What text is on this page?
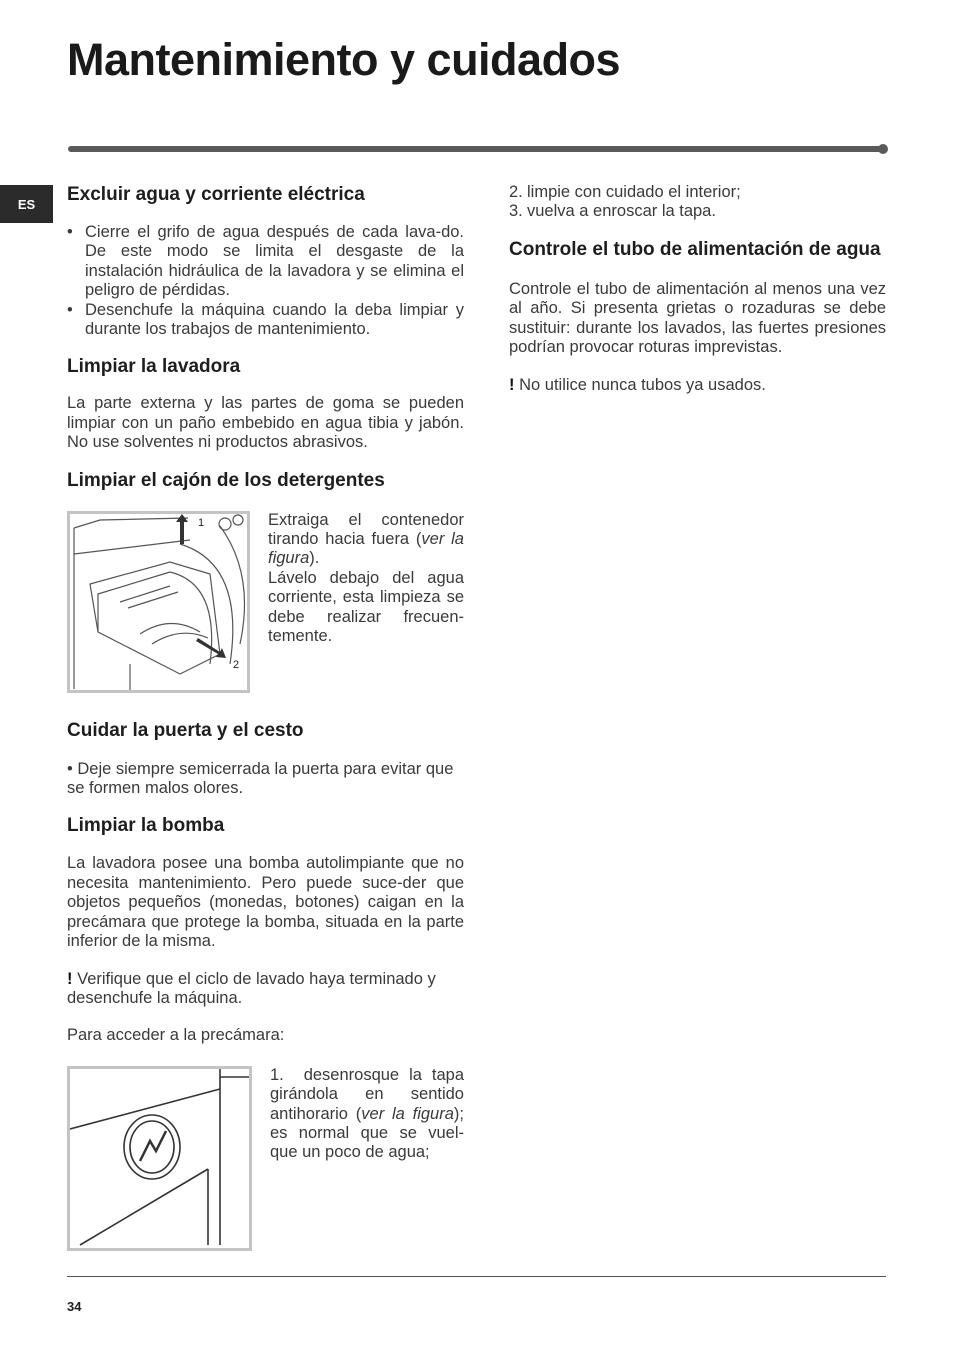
Mantenimiento y cuidados
ES	Excluir agua y corriente eléctrica
• Cierre el grifo de agua después de cada lava-do. De este modo se limita el desgaste de la instalación hidráulica de la lavadora y se elimina el peligro de pérdidas.
• Desenchufe la máquina cuando la deba limpiar y durante los trabajos de mantenimiento.
Limpiar la lavadora

La parte externa y las partes de goma se pueden limpiar con un paño embebido en agua tibia y jabón. No use solventes ni productos abrasivos.

Limpiar el cajón de los detergentes

Extraiga el contenedor tirando hacia fuera (ver la figura).

Lávelo debajo del agua corriente, esta limpieza se debe realizar frecuen-temente.

1
2
Cuidar la puerta y el cesto

• Deje siempre semicerrada la puerta para evitar que se formen malos olores.

Limpiar la bomba

La lavadora posee una bomba autolimpiante que no necesita mantenimiento. Pero puede suce-der que objetos pequeños (monedas, botones) caigan en la precámara que protege la bomba, situada en la parte inferior de la misma.

! Verifique que el ciclo de lavado haya terminado y desenchufe la máquina.

Para acceder a la precámara:

1. desenrosque la tapa girándola en sentido antihorario (ver la figura); es normal que se vuel-que un poco de agua;

2. limpie con cuidado el interior;
3. vuelva a enroscar la tapa.
Controle el tubo de alimentación de agua

Controle el tubo de alimentación al menos una vez al año. Si presenta grietas o rozaduras se debe sustituir: durante los lavados, las fuertes presiones podrían provocar roturas imprevistas.

! No utilice nunca tubos ya usados.

34
